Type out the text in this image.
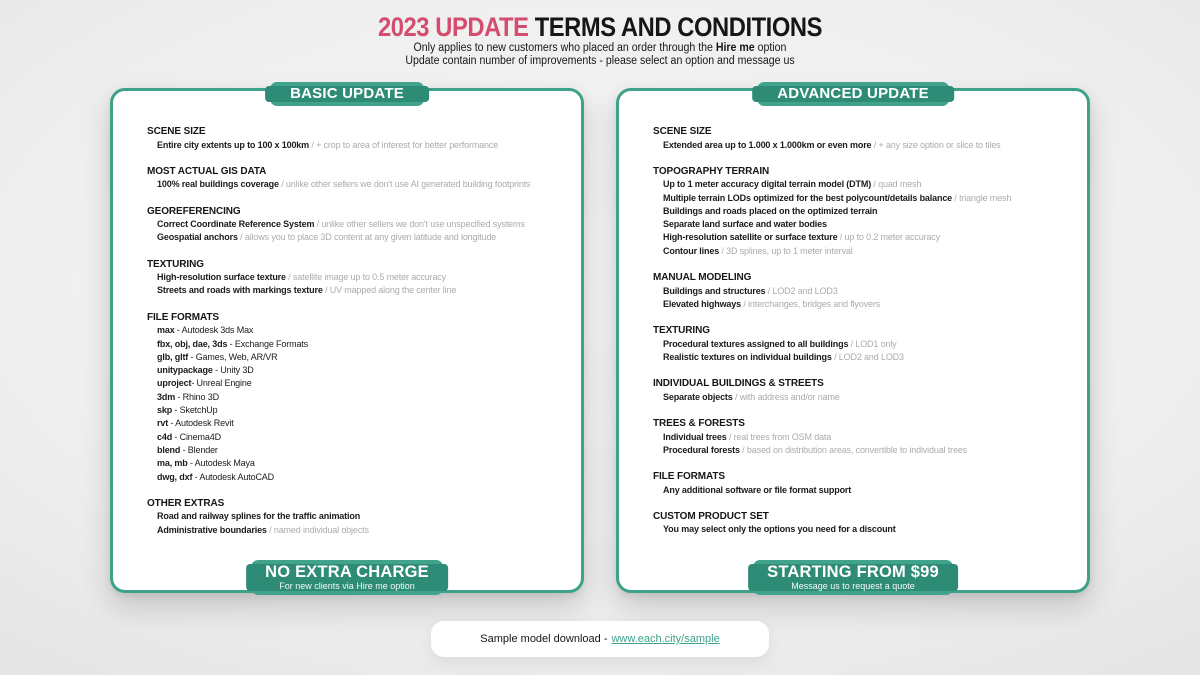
2023 UPDATE TERMS AND CONDITIONS
Only applies to new customers who placed an order through the Hire me option
Update contain number of improvements - please select an option and message us
BASIC UPDATE
SCENE SIZE
Entire city extents up to 100 x 100km / + crop to area of interest for better performance
MOST ACTUAL GIS DATA
100% real buildings coverage / unlike other sellers we don't use AI generated building footprints
GEOREFERENCING
Correct Coordinate Reference System / unlike other sellers we don't use unspecified systems
Geospatial anchors / allows you to place 3D content at any given latitude and longitude
TEXTURING
High-resolution surface texture / satellite image up to 0.5 meter accuracy
Streets and roads with markings texture / UV mapped along the center line
FILE FORMATS
max - Autodesk 3ds Max
fbx, obj, dae, 3ds - Exchange Formats
glb, gltf - Games, Web, AR/VR
unitypackage - Unity 3D
uproject- Unreal Engine
3dm - Rhino 3D
skp - SketchUp
rvt - Autodesk Revit
c4d - Cinema4D
blend - Blender
ma, mb - Autodesk Maya
dwg, dxf - Autodesk AutoCAD
OTHER EXTRAS
Road and railway splines for the traffic animation
Administrative boundaries / named individual objects
NO EXTRA CHARGE
For new clients via Hire me option
ADVANCED UPDATE
SCENE SIZE
Extended area up to 1.000 x 1.000km or even more / + any size option or slice to tiles
TOPOGRAPHY TERRAIN
Up to 1 meter accuracy digital terrain model (DTM) / quad mesh
Multiple terrain LODs optimized for the best polycount/details balance / triangle mesh
Buildings and roads placed on the optimized terrain
Separate land surface and water bodies
High-resolution satellite or surface texture / up to 0.2 meter accuracy
Contour lines / 3D splines, up to 1 meter interval
MANUAL MODELING
Buildings and structures / LOD2 and LOD3
Elevated highways / interchanges, bridges and flyovers
TEXTURING
Procedural textures assigned to all buildings / LOD1 only
Realistic textures on individual buildings / LOD2 and LOD3
INDIVIDUAL BUILDINGS & STREETS
Separate objects / with address and/or name
TREES & FORESTS
Individual trees / real trees from OSM data
Procedural forests / based on distribution areas, convertible to individual trees
FILE FORMATS
Any additional software or file format support
CUSTOM PRODUCT SET
You may select only the options you need for a discount
STARTING FROM $99
Message us to request a quote
Sample model download - www.each.city/sample
